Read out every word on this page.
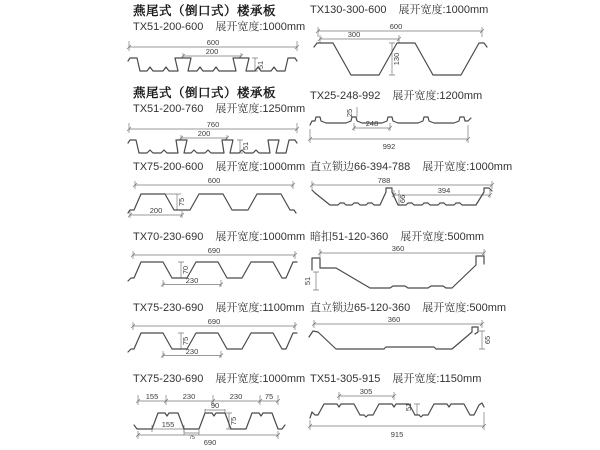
燕尾式（倒口式）楼承板
TX51-200-600 展开宽度:1000mm
600
200
51
燕尾式（倒口式）楼承板
TX51-200-760 展开宽度:1250mm
760
200
51
TX75-200-600 展开宽度:1000mm
600
75
200
TX70-230-690 展开宽度:1000mm
690
70
230
TX75-230-690 展开宽度:1100mm
690
75
230
TX75-230-690 展开宽度:1000mm
155	230	230	75
90
155
75
75
690
TX130-300-600 展开宽度:1000mm
600
300
130
TX25-248-992 展开宽度:1200mm
25
248
992
直立锁边66-394-788 展开宽度:1000mm
788
394
66
暗扣51-120-360 展开宽度:500mm
360
51
直立锁边65-120-360 展开宽度:500mm
360
65
TX51-305-915 展开宽度:1150mm
305
51
915
